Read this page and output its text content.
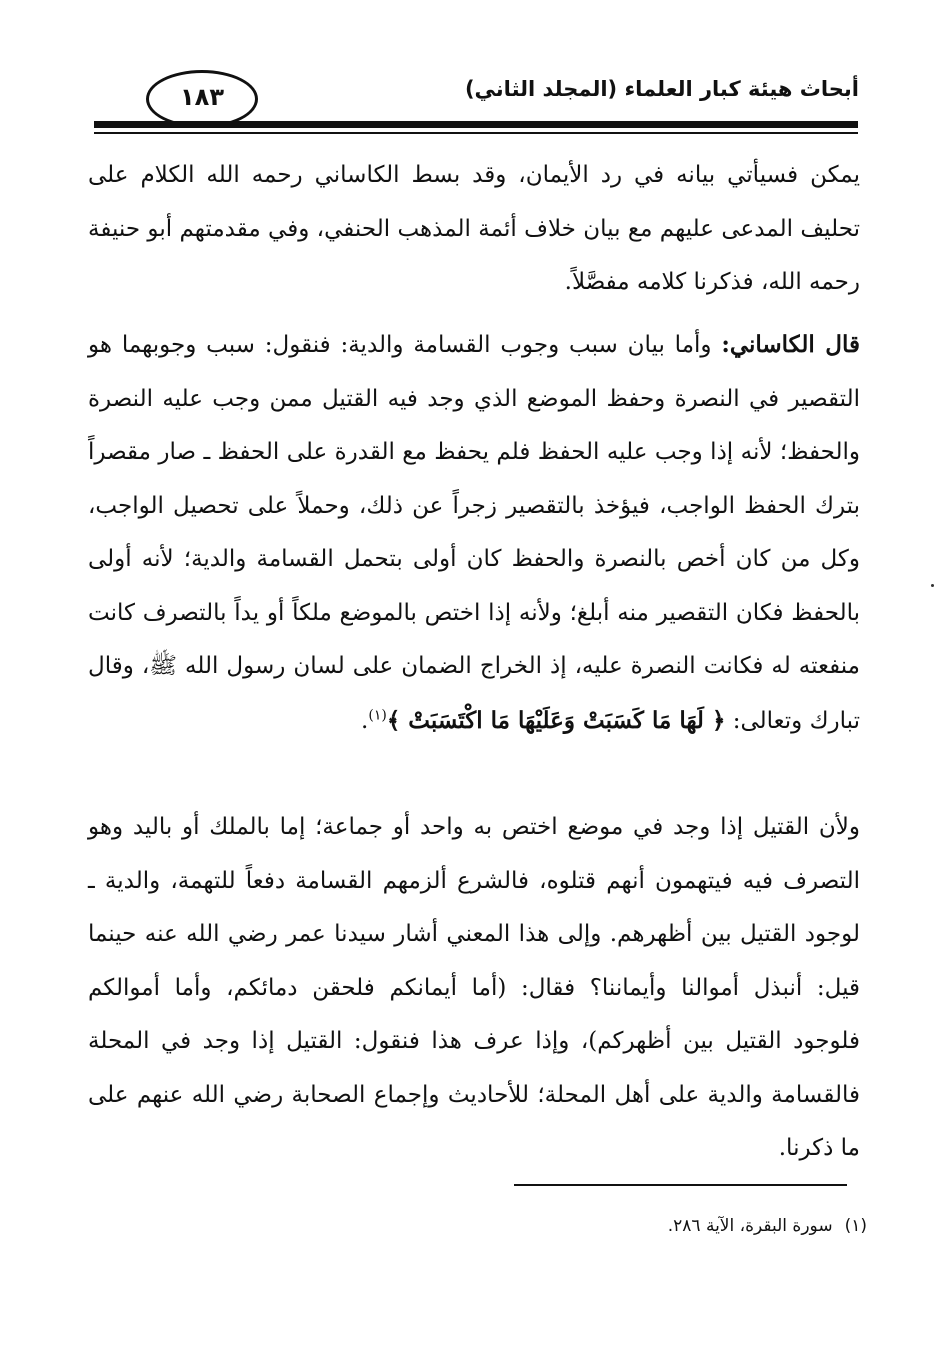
أبحاث هيئة كبار العلماء (المجلد الثاني)
١٨٣

يمكن فسيأتي بيانه في رد الأيمان، وقد بسط الكاساني رحمه الله الكلام على تحليف المدعى عليهم مع بيان خلاف أئمة المذهب الحنفي، وفي مقدمتهم أبو حنيفة رحمه الله، فذكرنا كلامه مفصَّلاً.

قال الكاساني: وأما بيان سبب وجوب القسامة والدية: فنقول: سبب وجوبهما هو التقصير في النصرة وحفظ الموضع الذي وجد فيه القتيل ممن وجب عليه النصرة والحفظ؛ لأنه إذا وجب عليه الحفظ فلم يحفظ مع القدرة على الحفظ ـ صار مقصراً بترك الحفظ الواجب، فيؤخذ بالتقصير زجراً عن ذلك، وحملاً على تحصيل الواجب، وكل من كان أخص بالنصرة والحفظ كان أولى بتحمل القسامة والدية؛ لأنه أولى بالحفظ فكان التقصير منه أبلغ؛ ولأنه إذا اختص بالموضع ملكاً أو يداً بالتصرف كانت منفعته له فكانت النصرة عليه، إذ الخراج الضمان على لسان رسول الله ﷺ، وقال تبارك وتعالى: ﴿ لَهَا مَا كَسَبَتْ وَعَلَيْهَا مَا اكْتَسَبَتْ ﴾$^{(١)}$.

ولأن القتيل إذا وجد في موضع اختص به واحد أو جماعة؛ إما بالملك أو باليد وهو التصرف فيه فيتهمون أنهم قتلوه، فالشرع ألزمهم القسامة دفعاً للتهمة، والدية ـ لوجود القتيل بين أظهرهم. وإلى هذا المعني أشار سيدنا عمر رضي الله عنه حينما قيل: أنبذل أموالنا وأيماننا؟ فقال: (أما أيمانكم فلحقن دمائكم، وأما أموالكم فلوجود القتيل بين أظهركم)، وإذا عرف هذا فنقول: القتيل إذا وجد في المحلة فالقسامة والدية على أهل المحلة؛ للأحاديث وإجماع الصحابة رضي الله عنهم على ما ذكرنا.

(١)سورة البقرة، الآية ٢٨٦.
